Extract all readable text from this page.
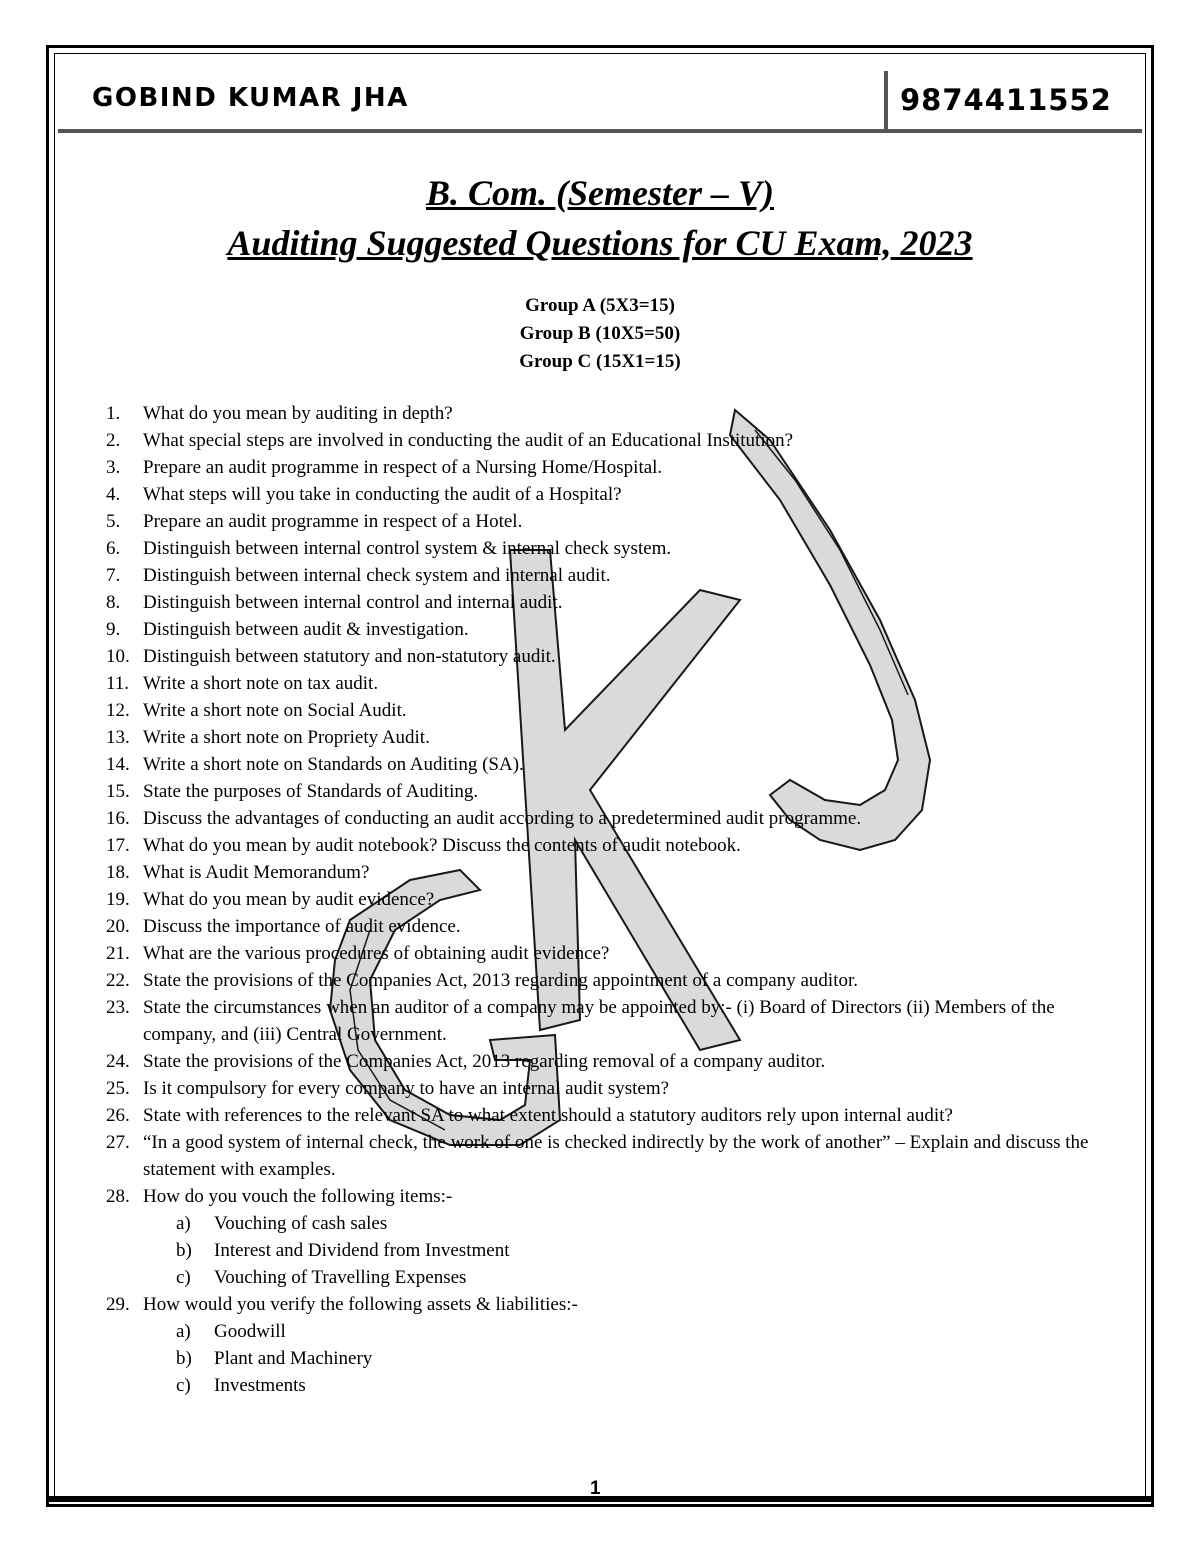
GOBIND KUMAR JHA	9874411552

B. Com. (Semester – V)

Auditing Suggested Questions for CU Exam, 2023

Group A (5X3=15)

Group B (10X5=50)

Group C (15X1=15)

1. What do you mean by auditing in depth?
2. What special steps are involved in conducting the audit of an Educational Institution?
3. Prepare an audit programme in respect of a Nursing Home/Hospital.
4. What steps will you take in conducting the audit of a Hospital?
5. Prepare an audit programme in respect of a Hotel.
6. Distinguish between internal control system & internal check system.
7. Distinguish between internal check system and internal audit.
8. Distinguish between internal control and internal audit.
9. Distinguish between audit & investigation.
10. Distinguish between statutory and non-statutory audit.
11. Write a short note on tax audit.
12. Write a short note on Social Audit.
13. Write a short note on Propriety Audit.
14. Write a short note on Standards on Auditing (SA).
15. State the purposes of Standards of Auditing.
16. Discuss the advantages of conducting an audit according to a predetermined audit programme.
17. What do you mean by audit notebook? Discuss the contents of audit notebook.
18. What is Audit Memorandum?
19. What do you mean by audit evidence?
20. Discuss the importance of audit evidence.
21. What are the various procedures of obtaining audit evidence?
22. State the provisions of the Companies Act, 2013 regarding appointment of a company auditor.
23. State the circumstances when an auditor of a company may be appointed by:- (i) Board of Directors (ii) Members of the company, and (iii) Central Government.
24. State the provisions of the Companies Act, 2013 regarding removal of a company auditor.
25. Is it compulsory for every company to have an internal audit system?
26. State with references to the relevant SA to what extent should a statutory auditors rely upon internal audit?
27. “In a good system of internal check, the work of one is checked indirectly by the work of another” – Explain and discuss the statement with examples.
28. How do you vouch the following items:-
a) Vouching of cash sales
b) Interest and Dividend from Investment
c) Vouching of Travelling Expenses
29. How would you verify the following assets & liabilities:-
a) Goodwill
b) Plant and Machinery
c) Investments
1
